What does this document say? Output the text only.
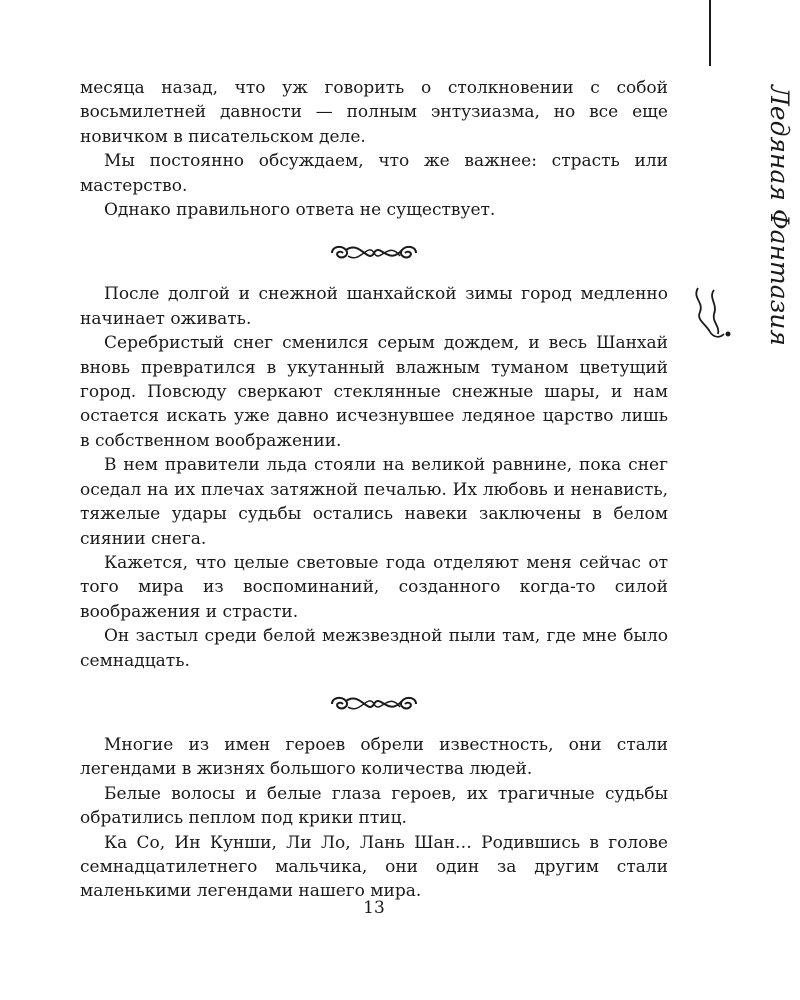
Ледяная Фантазия

месяца назад, что уж говорить о столкновении с собой восьмилетней давности — полным энтузиазма, но все еще новичком в писательском деле.

Мы постоянно обсуждаем, что же важнее: страсть или мастерство.

Однако правильного ответа не существует.

После долгой и снежной шанхайской зимы город медленно начинает оживать.

Серебристый снег сменился серым дождем, и весь Шанхай вновь превратился в укутанный влажным туманом цветущий город. Повсюду сверкают стеклянные снежные шары, и нам остается искать уже давно исчезнувшее ледяное царство лишь в собственном воображении.

В нем правители льда стояли на великой равнине, пока снег оседал на их плечах затяжной печалью. Их любовь и ненависть, тяжелые удары судьбы остались навеки заключены в белом сиянии снега.

Кажется, что целые световые года отделяют меня сейчас от того мира из воспоминаний, созданного когда-то силой воображения и страсти.

Он застыл среди белой межзвездной пыли там, где мне было семнадцать.

Многие из имен героев обрели известность, они стали легендами в жизнях большого количества людей.

Белые волосы и белые глаза героев, их трагичные судьбы обратились пеплом под крики птиц.

Ка Со, Ин Кунши, Ли Ло, Лань Шан… Родившись в голове семнадцатилетнего мальчика, они один за другим стали маленькими легендами нашего мира.

13
